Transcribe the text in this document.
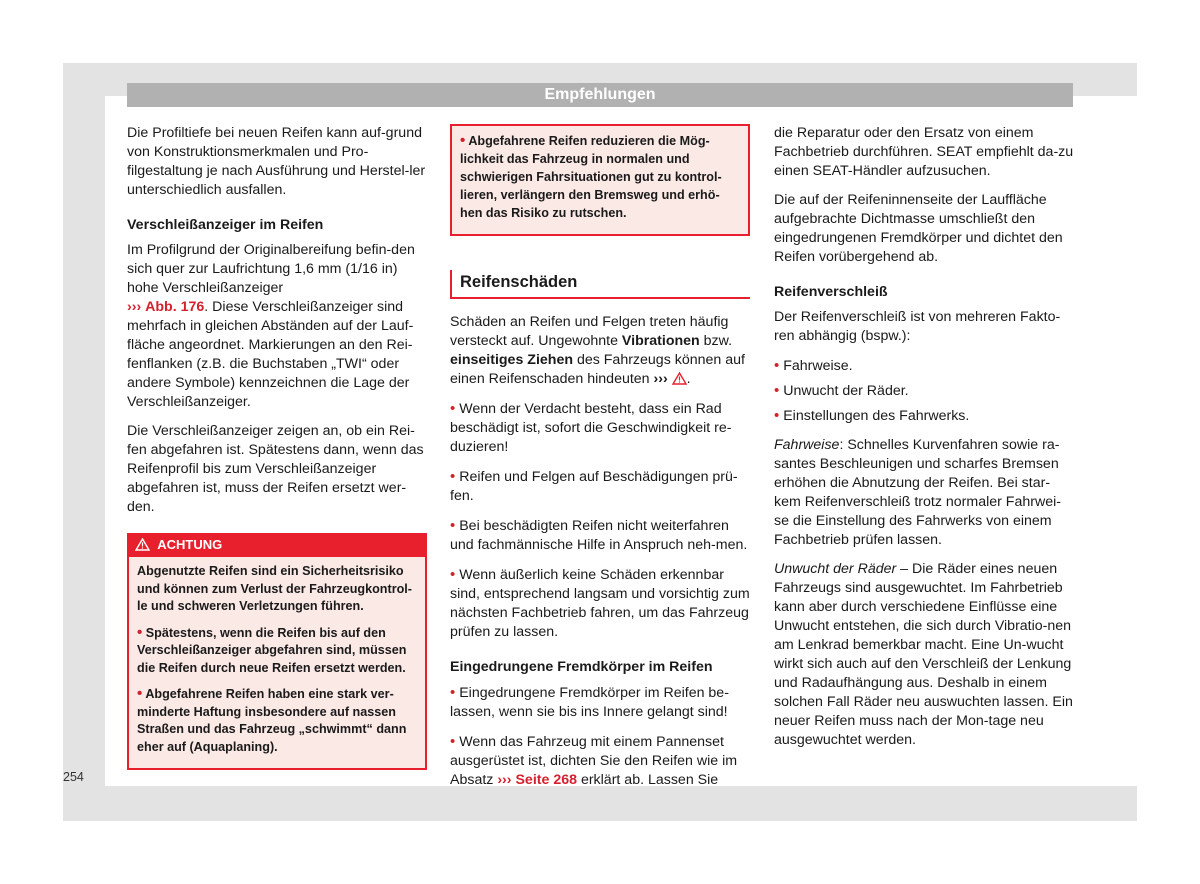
Empfehlungen

Die Profiltiefe bei neuen Reifen kann auf-grund von Konstruktionsmerkmalen und Pro-filgestaltung je nach Ausführung und Herstel-ler unterschiedlich ausfallen.

Verschleißanzeiger im Reifen

Im Profilgrund der Originalbereifung befin-den sich quer zur Laufrichtung 1,6 mm (1/16 in) hohe Verschleißanzeiger
››› Abb. 176. Diese Verschleißanzeiger sind mehrfach in gleichen Abständen auf der Lauf-fläche angeordnet. Markierungen an den Rei-fenflanken (z.B. die Buchstaben „TWI“ oder andere Symbole) kennzeichnen die Lage der Verschleißanzeiger.

Die Verschleißanzeiger zeigen an, ob ein Rei-fen abgefahren ist. Spätestens dann, wenn das Reifenprofil bis zum Verschleißanzeiger abgefahren ist, muss der Reifen ersetzt wer-den.

ACHTUNG

Abgenutzte Reifen sind ein Sicherheitsrisiko und können zum Verlust der Fahrzeugkontrol-le und schweren Verletzungen führen.

• Spätestens, wenn die Reifen bis auf den Verschleißanzeiger abgefahren sind, müssen die Reifen durch neue Reifen ersetzt werden.

• Abgefahrene Reifen haben eine stark ver-minderte Haftung insbesondere auf nassen Straßen und das Fahrzeug „schwimmt“ dann eher auf (Aquaplaning).

• Abgefahrene Reifen reduzieren die Mög-lichkeit das Fahrzeug in normalen und schwierigen Fahrsituationen gut zu kontrol-lieren, verlängern den Bremsweg und erhö-hen das Risiko zu rutschen.

Reifenschäden

Schäden an Reifen und Felgen treten häufig versteckt auf. Ungewohnte Vibrationen bzw. einseitiges Ziehen des Fahrzeugs können auf einen Reifenschaden hindeuten ››› .

• Wenn der Verdacht besteht, dass ein Rad beschädigt ist, sofort die Geschwindigkeit re-duzieren!

• Reifen und Felgen auf Beschädigungen prü-fen.

• Bei beschädigten Reifen nicht weiterfahren und fachmännische Hilfe in Anspruch neh-men.

• Wenn äußerlich keine Schäden erkennbar sind, entsprechend langsam und vorsichtig zum nächsten Fachbetrieb fahren, um das Fahrzeug prüfen zu lassen.

Eingedrungene Fremdkörper im Reifen

• Eingedrungene Fremdkörper im Reifen be-lassen, wenn sie bis ins Innere gelangt sind!

• Wenn das Fahrzeug mit einem Pannenset ausgerüstet ist, dichten Sie den Reifen wie im Absatz ››› Seite 268 erklärt ab. Lassen Sie

die Reparatur oder den Ersatz von einem Fachbetrieb durchführen. SEAT empfiehlt da-zu einen SEAT-Händler aufzusuchen.

Die auf der Reifeninnenseite der Lauffläche aufgebrachte Dichtmasse umschließt den eingedrungenen Fremdkörper und dichtet den Reifen vorübergehend ab.

Reifenverschleiß

Der Reifenverschleiß ist von mehreren Fakto-ren abhängig (bspw.):

• Fahrweise.

• Unwucht der Räder.

• Einstellungen des Fahrwerks.

Fahrweise: Schnelles Kurvenfahren sowie ra-santes Beschleunigen und scharfes Bremsen erhöhen die Abnutzung der Reifen. Bei star-kem Reifenverschleiß trotz normaler Fahrwei-se die Einstellung des Fahrwerks von einem Fachbetrieb prüfen lassen.

Unwucht der Räder – Die Räder eines neuen Fahrzeugs sind ausgewuchtet. Im Fahrbetrieb kann aber durch verschiedene Einflüsse eine Unwucht entstehen, die sich durch Vibratio-nen am Lenkrad bemerkbar macht. Eine Un-wucht wirkt sich auch auf den Verschleiß der Lenkung und Radaufhängung aus. Deshalb in einem solchen Fall Räder neu auswuchten lassen. Ein neuer Reifen muss nach der Mon-tage neu ausgewuchtet werden.

254
